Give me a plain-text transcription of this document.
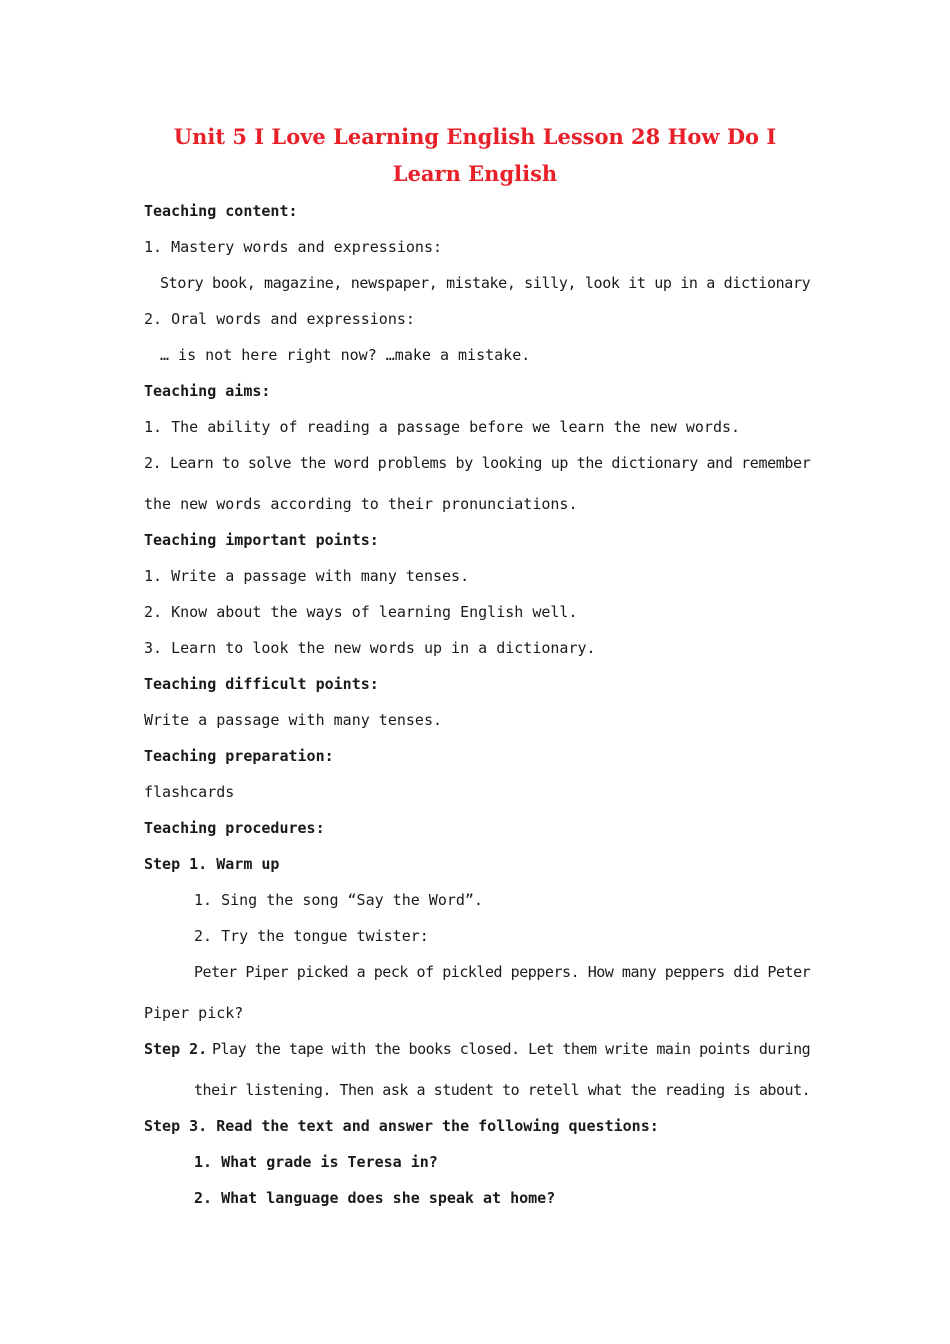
Unit 5 I Love Learning English Lesson 28 How Do I Learn English
Teaching content:
1. Mastery words and expressions:
Story book, magazine, newspaper, mistake, silly, look it up in a dictionary
2. Oral words and expressions:
… is not here right now? …make a mistake.
Teaching aims:
1. The ability of reading a passage before we learn the new words.
2. Learn to solve the word problems by looking up the dictionary and remember
the new words according to their pronunciations.
Teaching important points:
1. Write a passage with many tenses.
2. Know about the ways of learning English well.
3. Learn to look the new words up in a dictionary.
Teaching difficult points:
Write a passage with many tenses.
Teaching preparation:
flashcards
Teaching procedures:
Step 1. Warm up
1. Sing the song “Say the Word”.
2. Try the tongue twister:
Peter Piper picked a peck of pickled peppers. How many peppers did Peter
Piper pick?
Step 2. Play the tape with the books closed. Let them write main points during
their listening. Then ask a student to retell what the reading is about.
Step 3. Read the text and answer the following questions:
1. What grade is Teresa in?
2. What language does she speak at home?
